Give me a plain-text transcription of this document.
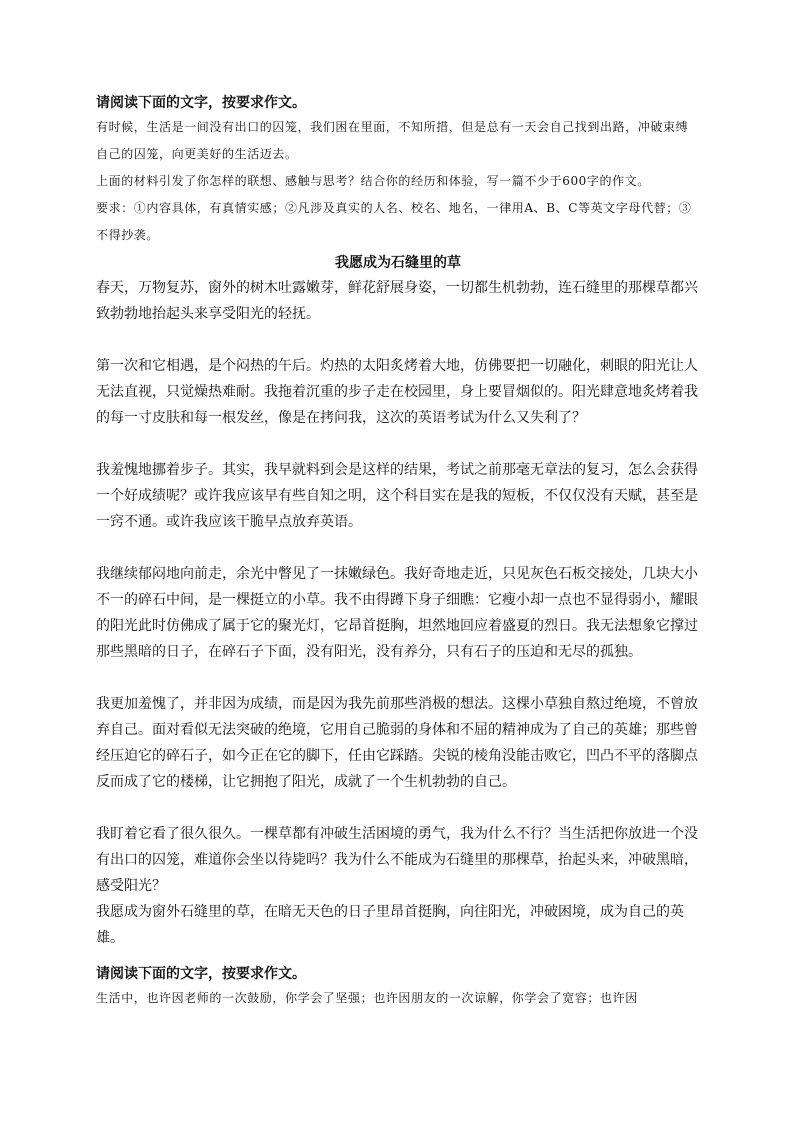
请阅读下面的文字，按要求作文。

有时候，生活是一间没有出口的囚笼，我们困在里面，不知所措，但是总有一天会自己找到出路，冲破束缚自己的囚笼，向更美好的生活迈去。

上面的材料引发了你怎样的联想、感触与思考？结合你的经历和体验，写一篇不少于600字的作文。

要求：①内容具体，有真情实感；②凡涉及真实的人名、校名、地名，一律用A、B、C等英文字母代替；③不得抄袭。

我愿成为石缝里的草

春天，万物复苏，窗外的树木吐露嫩芽，鲜花舒展身姿，一切都生机勃勃，连石缝里的那棵草都兴致勃勃地抬起头来享受阳光的轻抚。

第一次和它相遇，是个闷热的午后。灼热的太阳炙烤着大地，仿佛要把一切融化，刺眼的阳光让人无法直视，只觉燥热难耐。我拖着沉重的步子走在校园里，身上要冒烟似的。阳光肆意地炙烤着我的每一寸皮肤和每一根发丝，像是在拷问我，这次的英语考试为什么又失利了？

我羞愧地挪着步子。其实，我早就料到会是这样的结果，考试之前那毫无章法的复习，怎么会获得一个好成绩呢？或许我应该早有些自知之明，这个科目实在是我的短板，不仅仅没有天赋，甚至是一窍不通。或许我应该干脆早点放弃英语。

我继续郁闷地向前走，余光中瞥见了一抹嫩绿色。我好奇地走近，只见灰色石板交接处，几块大小不一的碎石中间，是一棵挺立的小草。我不由得蹲下身子细瞧：它瘦小却一点也不显得弱小，耀眼的阳光此时仿佛成了属于它的聚光灯，它昂首挺胸，坦然地回应着盛夏的烈日。我无法想象它撑过那些黑暗的日子，在碎石子下面，没有阳光，没有养分，只有石子的压迫和无尽的孤独。

我更加羞愧了，并非因为成绩，而是因为我先前那些消极的想法。这棵小草独自熬过绝境，不曾放弃自己。面对看似无法突破的绝境，它用自己脆弱的身体和不屈的精神成为了自己的英雄；那些曾经压迫它的碎石子，如今正在它的脚下，任由它踩踏。尖锐的棱角没能击败它，凹凸不平的落脚点反而成了它的楼梯，让它拥抱了阳光，成就了一个生机勃勃的自己。

我盯着它看了很久很久。一棵草都有冲破生活困境的勇气，我为什么不行？当生活把你放进一个没有出口的囚笼，难道你会坐以待毙吗？我为什么不能成为石缝里的那棵草，抬起头来，冲破黑暗，感受阳光？

我愿成为窗外石缝里的草，在暗无天色的日子里昂首挺胸，向往阳光，冲破困境，成为自己的英雄。

请阅读下面的文字，按要求作文。

生活中，也许因老师的一次鼓励，你学会了坚强；也许因朋友的一次谅解，你学会了宽容；也许因
